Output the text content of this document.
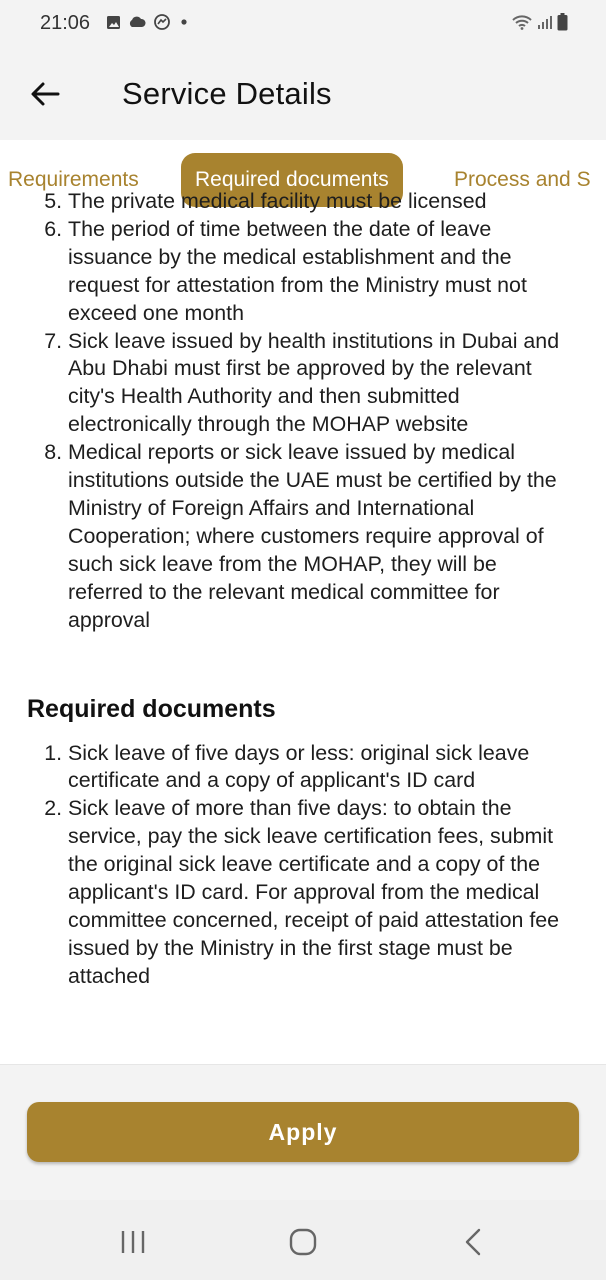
21:06
Service Details
Requirements	Required documents	Process and S
5. The private medical facility must be licensed
6. The period of time between the date of leave issuance by the medical establishment and the request for attestation from the Ministry must not exceed one month
7. Sick leave issued by health institutions in Dubai and Abu Dhabi must first be approved by the relevant city's Health Authority and then submitted electronically through the MOHAP website
8. Medical reports or sick leave issued by medical institutions outside the UAE must be certified by the Ministry of Foreign Affairs and International Cooperation; where customers require approval of such sick leave from the MOHAP, they will be referred to the relevant medical committee for approval
Required documents
1. Sick leave of five days or less: original sick leave certificate and a copy of applicant's ID card
2. Sick leave of more than five days: to obtain the service, pay the sick leave certification fees, submit the original sick leave certificate and a copy of the applicant's ID card. For approval from the medical committee concerned, receipt of paid attestation fee issued by the Ministry in the first stage must be attached
Apply
